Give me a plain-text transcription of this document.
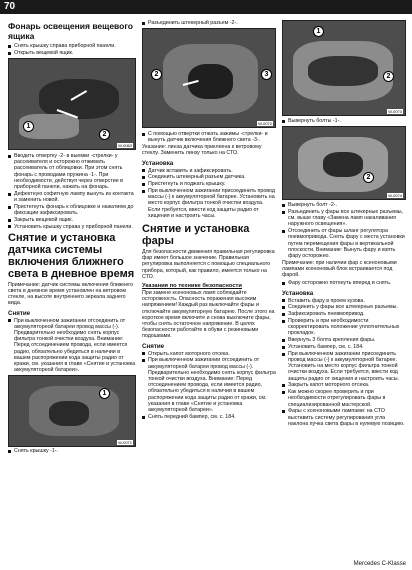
70
Фонарь освещения вещевого ящика
Снять крышку справа приборной панели.
Открыть вещевой ящик.
1
2
W-0063
Вводить отвертку -2- в выемки -стрелки- у рассеивателя и осторожно отжимать рассеиватель от облицовки. При этом снять фонарь с проводами пружина -1-. При необходимости, действуя через отверстие в приборной панели, нажать на фонарь.
Дефектную софитную лампу вынуть из контакта и заменить новой.
Пристегнуть фонарь к облицовке и нажатием до фиксации зафиксировать.
Закрыть вещевой ящик.
Установить крышку справа у приборной панели.
Снятие и установка датчика системы включения ближнего света в дневное время

Примечание: датчик системы включения ближнего света в дневное время установлен на ветровом стекле, на высоте внутреннего зеркала заднего вида.

Снятие
При выключенном зажигании отсоединить от аккумуляторной батареи провод массы (-). Предварительно необходимо снять корпус фильтра тонкой очистки воздуха. Внимание: Перед отсоединением провода, если имеется радио, обязательно убедиться в наличии в вашем распоряжении кода защиты радио от кражи, см. указания в главе «Снятие и установка аккумуляторной батареи».
1
W-0071
Снять крышку -1-.
Разъединить штекерный разъем -2-.
2	3
W-0072
С помощью отвертки отжать зажимы -стрелки- и вынуть датчик включения ближнего света -3-.

Указание: линза датчика приклеена к ветровому стеклу. Заменить линзу только на СТО.

Установка
Датчик вставить и зафиксировать.
Соединить штекерный разъем датчика.
Пристегнуть и поджать крышку.
При выключенном зажигании присоединить провод массы (-) к аккумуляторной батарее. Установить на место корпус фильтра тонкой очистки воздуха. Если требуется, ввести код защиты радио от хищения и настроить часы.
Снятие и установка фары

Для безопасности движения правильная регулировка фар имеет большое значение. Правильная регулировка выполняется с помощью специального прибора, который, как правило, имеется только на СТО.

Указания по технике безопасности

При замене ксеноновых ламп соблюдайте осторожность. Опасность поражения высоким напряжением! Каждый раз выключайте фары и отключайте аккумуляторную батарею. После этого на короткое время включите и снова выключите фары, чтобы снять остаточное напряжение. В целях безопасности работайте в обуви с резиновыми подошвами.

Снятие
Открыть капот моторного отсека.
При выключенном зажигании отсоединить от аккумуляторной батареи провод массы (-). Предварительно необходимо снять корпус фильтра тонкой очистки воздуха. Внимание: Перед отсоединением провода, если имеется радио, обязательно убедиться в наличии в вашем распоряжении кода защиты радио от кражи, см. указания в главе «Снятие и установка аккумуляторной батареи».
Снять передний бампер, см. с. 184.
1
2
W-0073
Вывернуть болты -1-.
2
W-0074
Вывернуть болт -2-.
Разъединить у фары все штекерные разъемы, см. выше главу «Замена ламп накаливания наружного освещения».
Отсоединить от фары шланг регулятора пневмопривода. Снять фару с места установки путем перемещения фары в вертикальной плоскости. Внимание: Вынуть фару и взять фару осторожно.

Примечание: при наличии фар с ксеноновыми лампами ксеноновый блок встраивается под фарой.

Фару осторожно потянуть вперед и снять.
Установка
Вставить фару в проем кузова.
Соединить у фары все штекерные разъемы.
Зафиксировать пневмопривод.
Проверить и при необходимости скорректировать положение уплотнительных прокладок.
Ввернуть 3 болта крепления фары.
Установить бампер, см. с. 184.
При выключенном зажигании присоединить провод массы (-) к аккумуляторной батарее. Установить на место корпус фильтра тонкой очистки воздуха. Если требуется, ввести код защиты радио от хищения и настроить часы.
Закрыть капот моторного отсека.
Как можно скорее проверить и при необходимости отрегулировать фары в специализированной мастерской.
Фары с ксеноновыми лампами: на СТО выставить систему регулирования угла наклона пучка света фары в нулевую позицию.
Mercedes C-Klasse
